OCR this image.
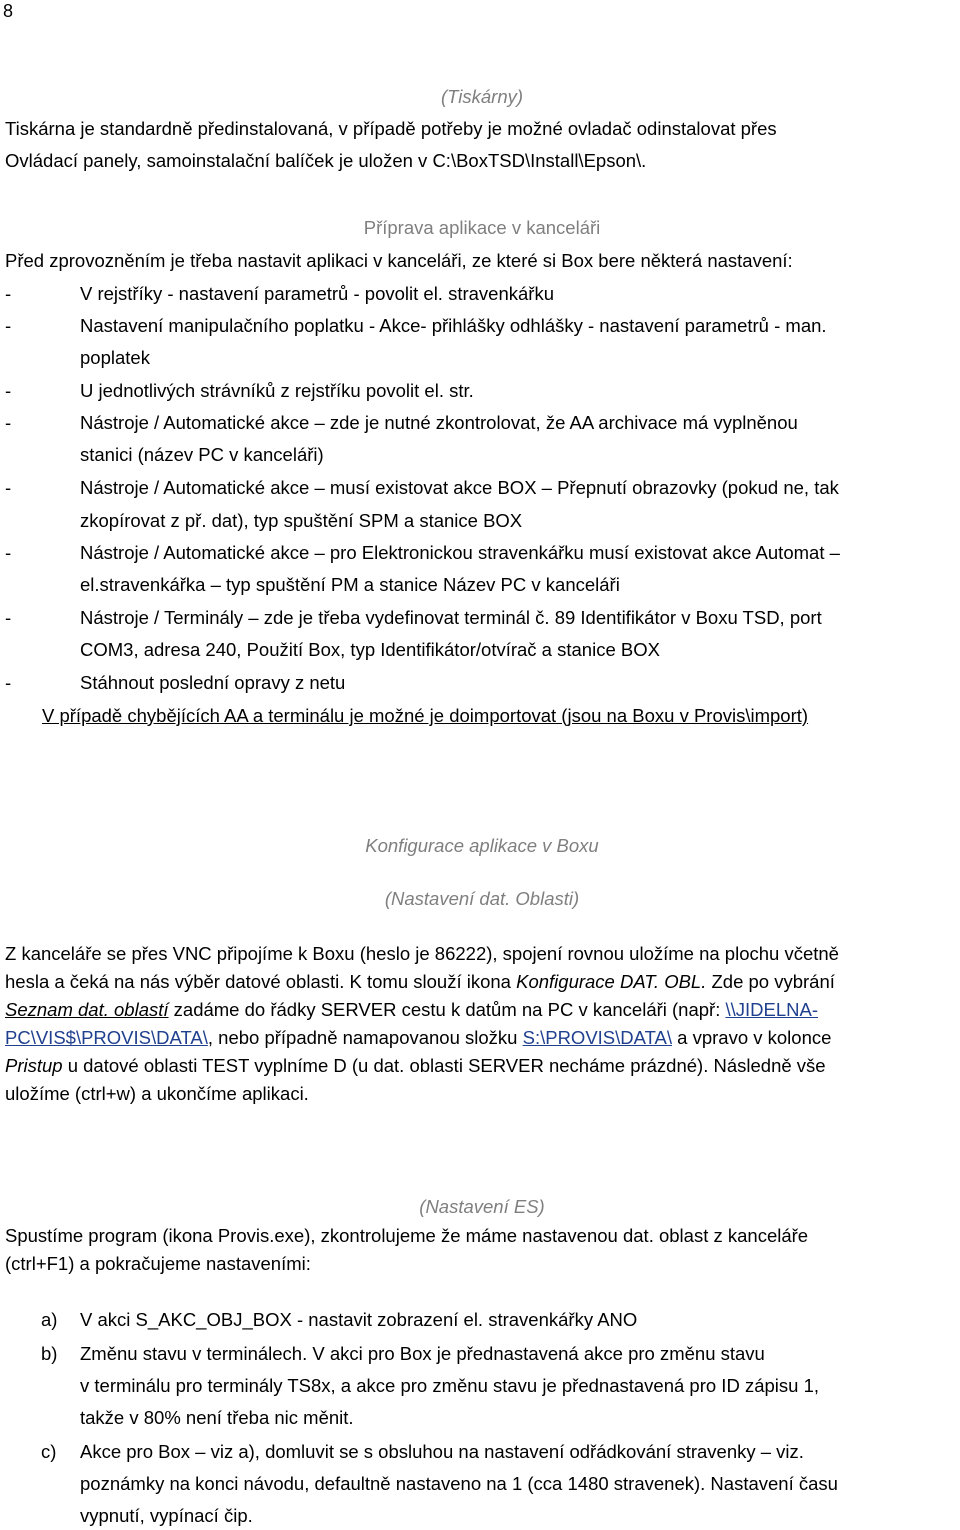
8
(Tiskárny)
Tiskárna je standardně předinstalovaná, v případě potřeby je možné ovladač odinstalovat přes
Ovládací panely, samoinstalační balíček je uložen v C:\BoxTSD\Install\Epson\.
Příprava aplikace v kanceláři
Před zprovozněním je třeba nastavit aplikaci v kanceláři, ze které si Box bere některá nastavení:
-	V rejstříky - nastavení parametrů - povolit el. stravenkářku
-	Nastavení manipulačního poplatku - Akce- přihlášky odhlášky - nastavení parametrů - man.
poplatek
-	U jednotlivých strávníků z rejstříku povolit el. str.
-	Nástroje / Automatické akce – zde je nutné zkontrolovat, že AA archivace má vyplněnou
stanici (název PC v kanceláři)
-	Nástroje / Automatické akce – musí existovat akce BOX – Přepnutí obrazovky (pokud ne, tak
zkopírovat z př. dat), typ spuštění SPM a stanice BOX
-	Nástroje / Automatické akce – pro Elektronickou stravenkářku musí existovat akce Automat –
el.stravenkářka – typ spuštění PM a stanice Název PC v kanceláři
-	Nástroje / Terminály – zde je třeba vydefinovat terminál č. 89 Identifikátor v Boxu TSD, port
COM3, adresa 240, Použití Box, typ Identifikátor/otvírač a stanice BOX
-	Stáhnout poslední opravy z netu
V případě chybějících AA a terminálu je možné je doimportovat (jsou na Boxu v Provis\import)
Konfigurace aplikace v Boxu
(Nastavení dat. Oblasti)
Z kanceláře se přes VNC připojíme k Boxu (heslo je 86222), spojení rovnou uložíme na plochu včetně
hesla a čeká na nás výběr datové oblasti. K tomu slouží ikona Konfigurace DAT. OBL. Zde po vybrání
Seznam dat. oblastí zadáme do řádky SERVER cestu k datům na PC v kanceláři (např: \\JIDELNA-
PC\VIS$\PROVIS\DATA\, nebo případně namapovanou složku S:\PROVIS\DATA\ a vpravo v kolonce
Pristup u datové oblasti TEST vyplníme D (u dat. oblasti SERVER necháme prázdné). Následně vše
uložíme (ctrl+w) a ukončíme aplikaci.
(Nastavení ES)
Spustíme program (ikona Provis.exe), zkontrolujeme že máme nastavenou dat. oblast z kanceláře
(ctrl+F1) a pokračujeme nastaveními:
a)	V akci S_AKC_OBJ_BOX - nastavit zobrazení el. stravenkářky ANO
b)	Změnu stavu v terminálech. V akci pro Box je přednastavená akce pro změnu stavu
v terminálu pro terminály TS8x, a akce pro změnu stavu je přednastavená pro ID zápisu 1,
takže v 80% není třeba nic měnit.
c)	Akce pro Box – viz a), domluvit se s obsluhou na nastavení odřádkování stravenky – viz.
poznámky na konci návodu, defaultně nastaveno na 1 (cca 1480 stravenek). Nastavení času
vypnutí, vypínací čip.
